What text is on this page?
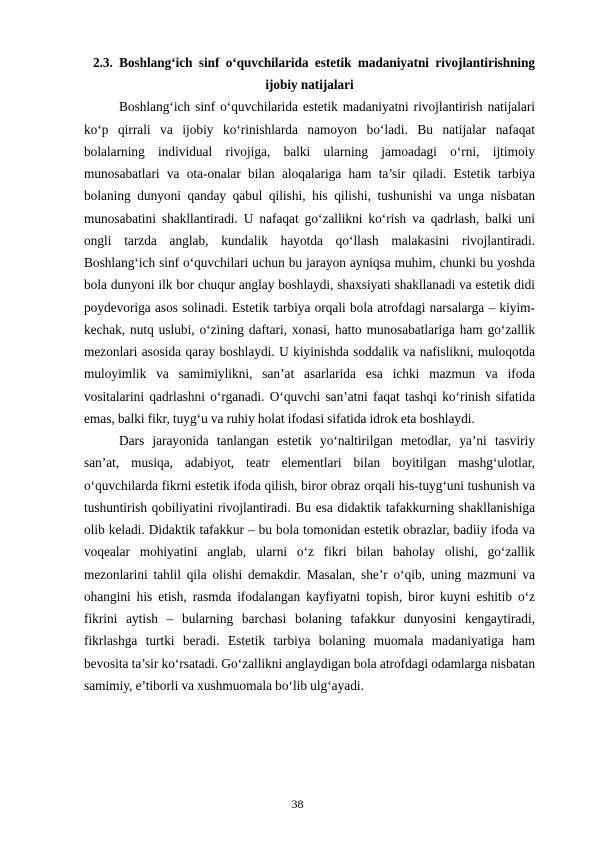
2.3. Boshlang‘ich sinf o‘quvchilarida estetik madaniyatni rivojlantirishning
ijobiy natijalari

Boshlang‘ich sinf o‘quvchilarida estetik madaniyatni rivojlantirish natijalari ko‘p qirrali va ijobiy ko‘rinishlarda namoyon bo‘ladi. Bu natijalar nafaqat bolalarning individual rivojiga, balki ularning jamoadagi o‘rni, ijtimoiy munosabatlari va ota-onalar bilan aloqalariga ham ta’sir qiladi. Estetik tarbiya bolaning dunyoni qanday qabul qilishi, his qilishi, tushunishi va unga nisbatan munosabatini shakllantiradi. U nafaqat go‘zallikni ko‘rish va qadrlash, balki uni ongli tarzda anglab, kundalik hayotda qo‘llash malakasini rivojlantiradi. Boshlang‘ich sinf o‘quvchilari uchun bu jarayon ayniqsa muhim, chunki bu yoshda bola dunyoni ilk bor chuqur anglay boshlaydi, shaxsiyati shakllanadi va estetik didi poydevoriga asos solinadi. Estetik tarbiya orqali bola atrofdagi narsalarga – kiyim-kechak, nutq uslubi, o‘zining daftari, xonasi, hatto munosabatlariga ham go‘zallik mezonlari asosida qaray boshlaydi. U kiyinishda soddalik va nafislikni, muloqotda muloyimlik va samimiylikni, san’at asarlarida esa ichki mazmun va ifoda vositalarini qadrlashni o‘rganadi. O‘quvchi san’atni faqat tashqi ko‘rinish sifatida emas, balki fikr, tuyg‘u va ruhiy holat ifodasi sifatida idrok eta boshlaydi.

Dars jarayonida tanlangan estetik yo‘naltirilgan metodlar, ya’ni tasviriy san’at, musiqa, adabiyot, teatr elementlari bilan boyitilgan mashg‘ulotlar, o‘quvchilarda fikrni estetik ifoda qilish, biror obraz orqali his-tuyg‘uni tushunish va tushuntirish qobiliyatini rivojlantiradi. Bu esa didaktik tafakkurning shakllanishiga olib keladi. Didaktik tafakkur – bu bola tomonidan estetik obrazlar, badiiy ifoda va voqealar mohiyatini anglab, ularni o‘z fikri bilan baholay olishi, go‘zallik mezonlarini tahlil qila olishi demakdir. Masalan, she’r o‘qib, uning mazmuni va ohangini his etish, rasmda ifodalangan kayfiyatni topish, biror kuyni eshitib o‘z fikrini aytish – bularning barchasi bolaning tafakkur dunyosini kengaytiradi, fikrlashga turtki beradi. Estetik tarbiya bolaning muomala madaniyatiga ham bevosita ta’sir ko‘rsatadi. Go‘zallikni anglaydigan bola atrofdagi odamlarga nisbatan samimiy, e’tiborli va xushmuomala bo‘lib ulg‘ayadi.

38
